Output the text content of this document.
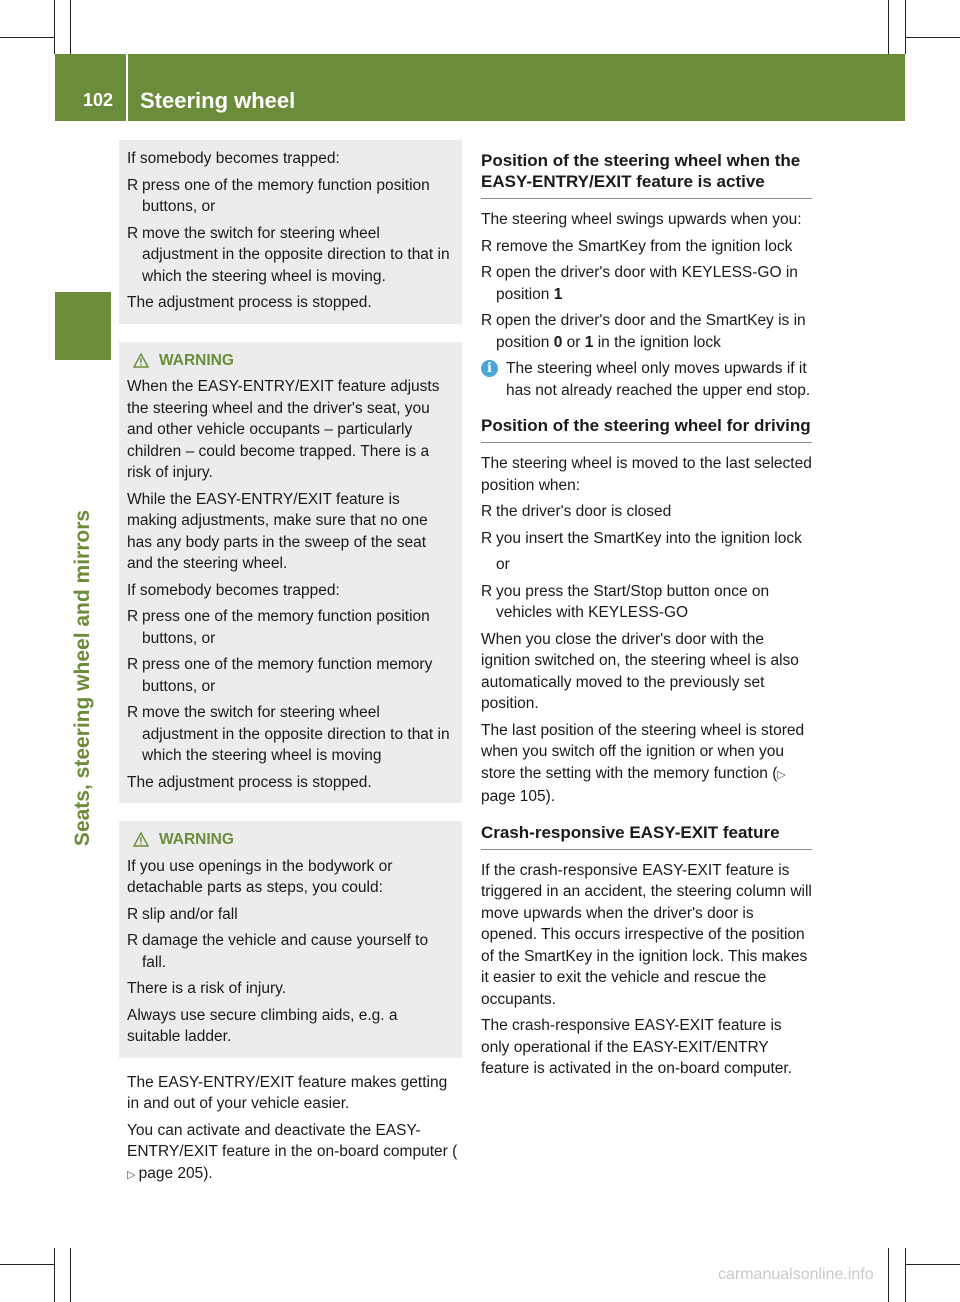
102 Steering wheel
Seats, steering wheel and mirrors

If somebody becomes trapped:

R press one of the memory function position buttons, or
R move the switch for steering wheel adjustment in the opposite direction to that in which the steering wheel is moving.

The adjustment process is stopped.

WARNING

When the EASY-ENTRY/EXIT feature adjusts the steering wheel and the driver's seat, you and other vehicle occupants – particularly children – could become trapped. There is a risk of injury.

While the EASY-ENTRY/EXIT feature is making adjustments, make sure that no one has any body parts in the sweep of the seat and the steering wheel.

If somebody becomes trapped:

R press one of the memory function position buttons, or
R press one of the memory function memory buttons, or
R move the switch for steering wheel adjustment in the opposite direction to that in which the steering wheel is moving

The adjustment process is stopped.

WARNING

If you use openings in the bodywork or detachable parts as steps, you could:

R slip and/or fall
R damage the vehicle and cause yourself to fall.

There is a risk of injury.

Always use secure climbing aids, e.g. a suitable ladder.

The EASY-ENTRY/EXIT feature makes getting in and out of your vehicle easier.

You can activate and deactivate the EASY-ENTRY/EXIT feature in the on-board computer (▷  page 205).

Position of the steering wheel when the EASY-ENTRY/EXIT feature is active

The steering wheel swings upwards when you:

R remove the SmartKey from the ignition lock
R open the driver's door with KEYLESS-GO in position 1
R open the driver's door and the SmartKey is in position 0 or 1 in the ignition lock

i The steering wheel only moves upwards if it has not already reached the upper end stop.

Position of the steering wheel for driving

The steering wheel is moved to the last selected position when:

R the driver's door is closed
R you insert the SmartKey into the ignition lock

or

R you press the Start/Stop button once on vehicles with KEYLESS-GO

When you close the driver's door with the ignition switched on, the steering wheel is also automatically moved to the previously set position.

The last position of the steering wheel is stored when you switch off the ignition or when you store the setting with the memory function (▷ page 105).

Crash-responsive EASY-EXIT feature

If the crash-responsive EASY-EXIT feature is triggered in an accident, the steering column will move upwards when the driver's door is opened. This occurs irrespective of the position of the SmartKey in the ignition lock. This makes it easier to exit the vehicle and rescue the occupants.

The crash-responsive EASY-EXIT feature is only operational if the EASY-EXIT/ENTRY feature is activated in the on-board computer.

carmanualsonline.info
